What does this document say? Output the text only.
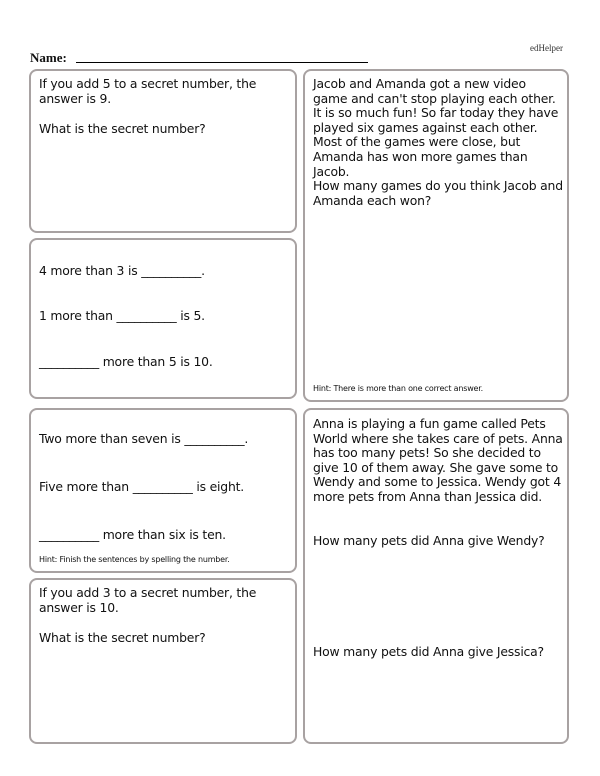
edHelper
Name:
If you add 5 to a secret number, the answer is 9.
What is the secret number?
4 more than 3 is __________.
1 more than __________ is 5.
__________ more than 5 is 10.
Two more than seven is __________.
Five more than __________ is eight.
__________ more than six is ten.
Hint: Finish the sentences by spelling the number.
If you add 3 to a secret number, the answer is 10.
What is the secret number?
Jacob and Amanda got a new video game and can't stop playing each other. It is so much fun! So far today they have played six games against each other. Most of the games were close, but Amanda has won more games than Jacob.
How many games do you think Jacob and Amanda each won?
Hint: There is more than one correct answer.
Anna is playing a fun game called Pets World where she takes care of pets. Anna has too many pets! So she decided to give 10 of them away. She gave some to Wendy and some to Jessica. Wendy got 4 more pets from Anna than Jessica did.
How many pets did Anna give Wendy?
How many pets did Anna give Jessica?
